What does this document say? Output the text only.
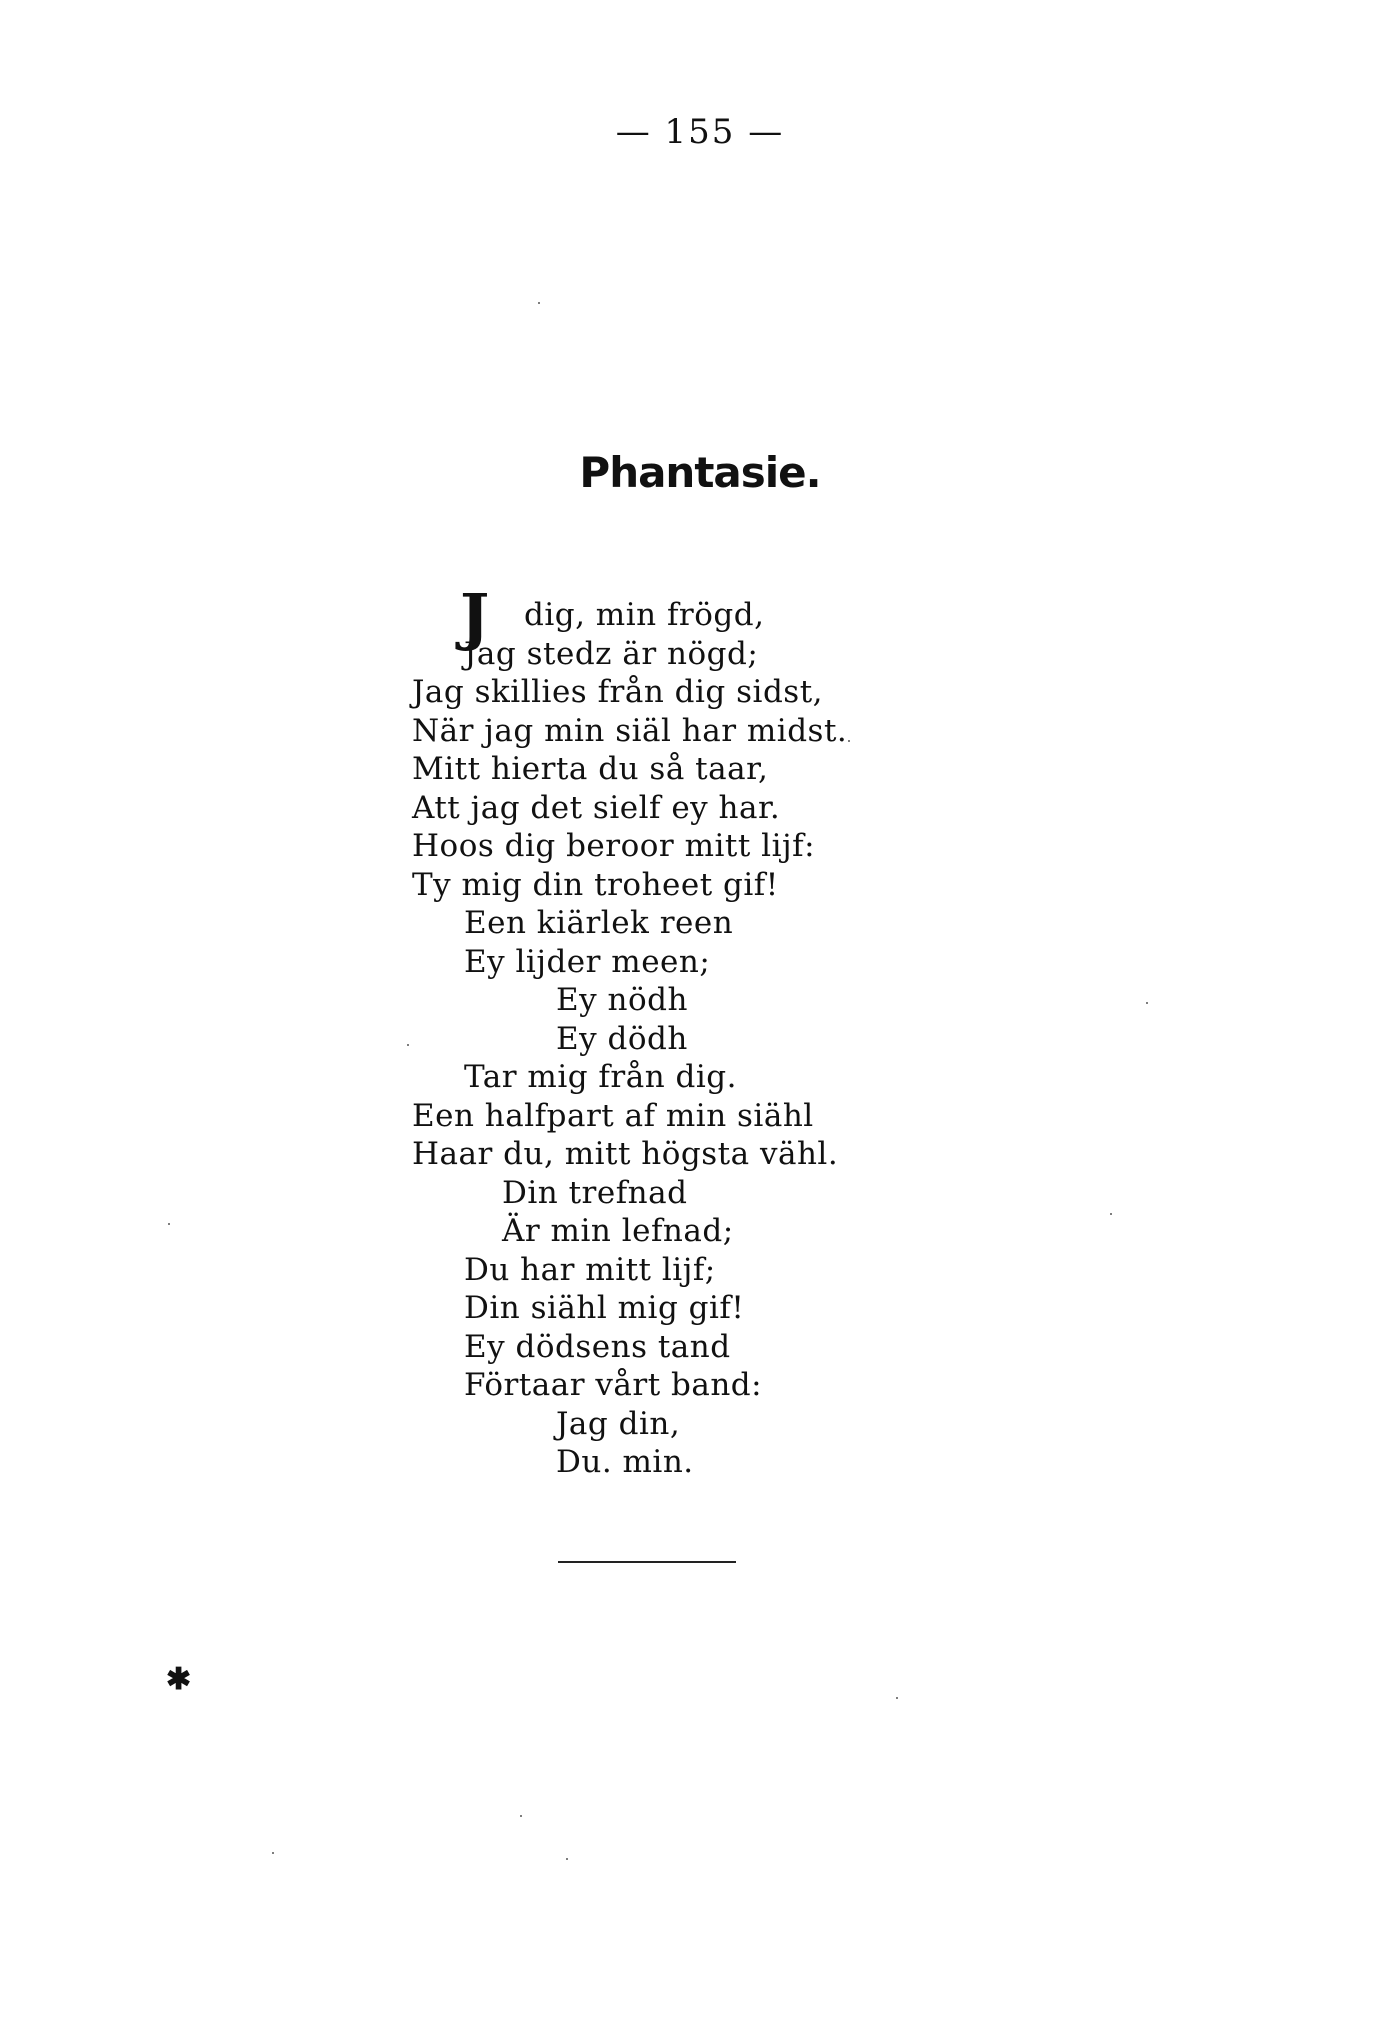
— 155 —
Phantasie.
J dig, min frögd,
Jag stedz är nögd;
Jag skillies från dig sidst,
När jag min siäl har midst.
Mitt hierta du så taar,
Att jag det sielf ey har.
Hoos dig beroor mitt lijf:
Ty mig din troheet gif!
Een kiärlek reen
Ey lijder meen;
Ey nödh
Ey dödh
Tar mig från dig.
Een halfpart af min siähl
Haar du, mitt högsta vähl.
Din trefnad
Är min lefnad;
Du har mitt lijf;
Din siähl mig gif!
Ey dödsens tand
Förtaar vårt band:
Jag din,
Du. min.
✱
